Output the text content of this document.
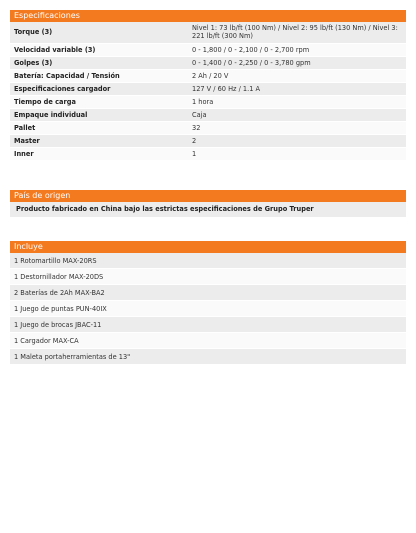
Especificaciones
Torque (3)	Nivel 1: 73 lb/ft (100 Nm) / Nivel 2: 95 lb/ft (130 Nm) / Nivel 3: 221 lb/ft (300 Nm)
Velocidad variable (3)	0 - 1,800 / 0 - 2,100 / 0 - 2,700 rpm
Golpes (3)	0 - 1,400 / 0 - 2,250 / 0 - 3,780 gpm
Batería: Capacidad / Tensión	2 Ah / 20 V
Especificaciones cargador	127 V / 60 Hz / 1.1 A
Tiempo de carga	1 hora
Empaque individual	Caja
Pallet	32
Master	2
Inner	1
País de origen
Producto fabricado en China bajo las estrictas especificaciones de Grupo Truper
Incluye
1 Rotomartillo MAX-20RS
1 Destornillador MAX-20DS
2 Baterías de 2Ah MAX-BA2
1 Juego de puntas PUN-40IX
1 Juego de brocas JBAC-11
1 Cargador MAX-CA
1 Maleta portaherramientas de 13"
